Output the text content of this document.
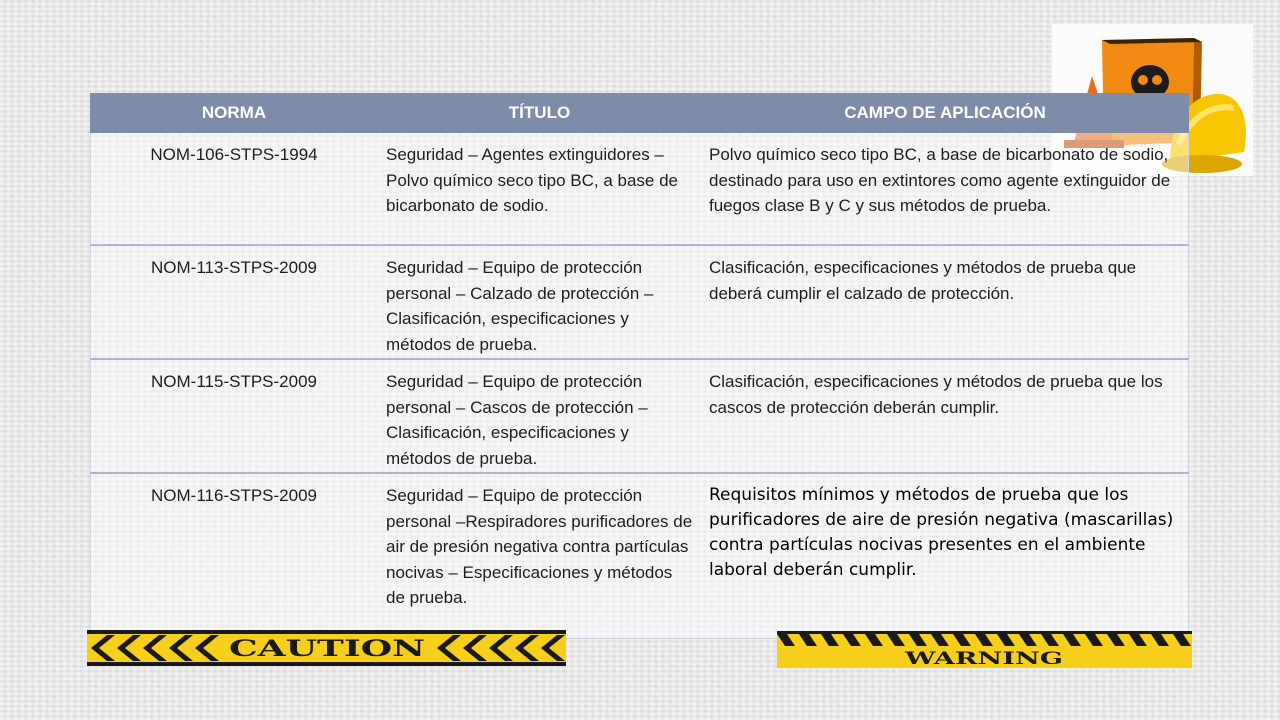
NORMA	TÍTULO	CAMPO DE APLICACIÓN
NOM-106-STPS-1994	Seguridad – Agentes extinguidores – Polvo químico seco tipo BC, a base de bicarbonato de sodio.	Polvo químico seco tipo BC, a base de bicarbonato de sodio, destinado para uso en extintores como agente extinguidor de fuegos clase B y C y sus métodos de prueba.
NOM-113-STPS-2009	Seguridad – Equipo de protección personal – Calzado de protección – Clasificación, especificaciones y métodos de prueba.	Clasificación, especificaciones y métodos de prueba que deberá cumplir el calzado de protección.
NOM-115-STPS-2009	Seguridad – Equipo de protección personal – Cascos de protección – Clasificación, especificaciones y métodos de prueba.	Clasificación, especificaciones y métodos de prueba que los cascos de protección deberán cumplir.
NOM-116-STPS-2009	Seguridad – Equipo de protección personal –Respiradores purificadores de air de presión negativa contra partículas nocivas – Especificaciones y métodos de prueba.	Requisitos mínimos y métodos de prueba que los purificadores de aire de presión negativa (mascarillas) contra partículas nocivas presentes en el ambiente laboral deberán cumplir.
CAUTION	WARNING
